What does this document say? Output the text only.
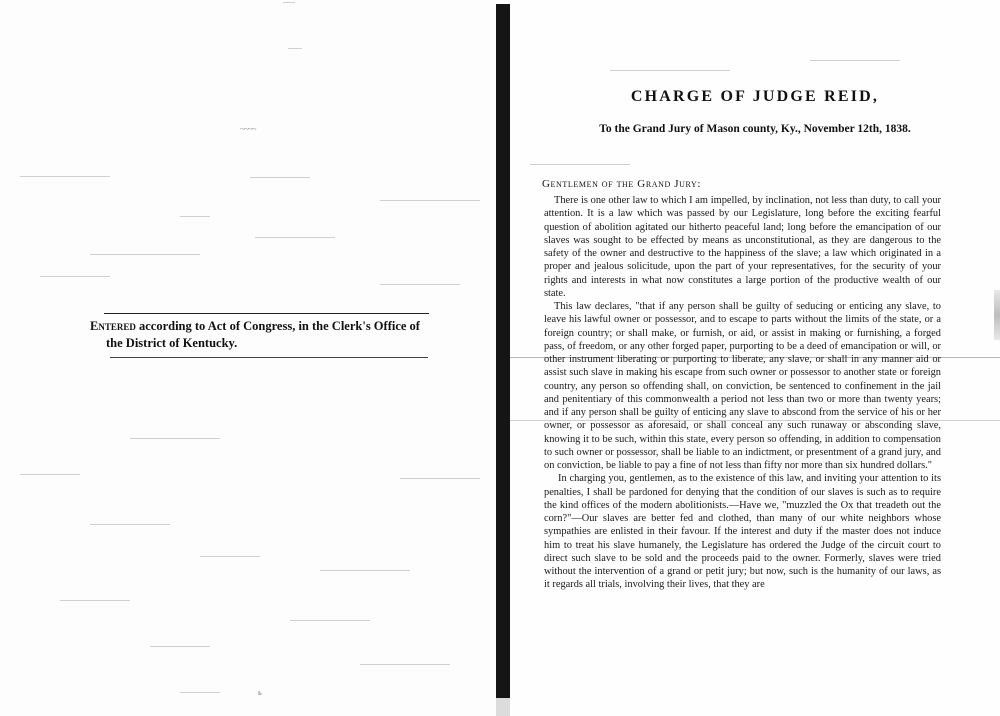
~~~~
Entered according to Act of Congress, in the Clerk's Office of
the District of Kentucky.
ь
CHARGE OF JUDGE REID,
To the Grand Jury of Mason county, Ky., November 12th, 1838.
Gentlemen of the Grand Jury:

There is one other law to which I am impelled, by inclination, not less than duty, to call your attention. It is a law which was passed by our Legislature, long before the exciting fearful question of abolition agitated our hitherto peaceful land; long before the emancipation of our slaves was sought to be effected by means as unconstitutional, as they are dangerous to the safety of the owner and destructive to the happiness of the slave; a law which originated in a proper and jealous solicitude, upon the part of your representatives, for the security of your rights and interests in what now constitutes a large portion of the productive wealth of our state.

This law declares, "that if any person shall be guilty of seducing or enticing any slave, to leave his lawful owner or possessor, and to escape to parts without the limits of the state, or a foreign country; or shall make, or furnish, or aid, or assist in making or furnishing, a forged pass, of freedom, or any other forged paper, purporting to be a deed of emancipation or will, or other instrument liberating or purporting to liberate, any slave, or shall in any manner aid or assist such slave in making his escape from such owner or possessor to another state or foreign country, any person so offending shall, on conviction, be sentenced to confinement in the jail and penitentiary of this commonwealth a period not less than two or more than twenty years; and if any person shall be guilty of enticing any slave to abscond from the service of his or her owner, or possessor as aforesaid, or shall conceal any such runaway or absconding slave, knowing it to be such, within this state, every person so offending, in addition to compensation to such owner or possessor, shall be liable to an indictment, or presentment of a grand jury, and on conviction, be liable to pay a fine of not less than fifty nor more than six hundred dollars."

In charging you, gentlemen, as to the existence of this law, and inviting your attention to its penalties, I shall be pardoned for denying that the condition of our slaves is such as to require the kind offices of the modern abolitionists.—Have we, "muzzled the Ox that treadeth out the corn?"—Our slaves are better fed and clothed, than many of our white neighbors whose sympathies are enlisted in their favour. If the interest and duty if the master does not induce him to treat his slave humanely, the Legislature has ordered the Judge of the circuit court to direct such slave to be sold and the proceeds paid to the owner. Formerly, slaves were tried without the intervention of a grand or petit jury; but now, such is the humanity of our laws, as it regards all trials, involving their lives, that they are
